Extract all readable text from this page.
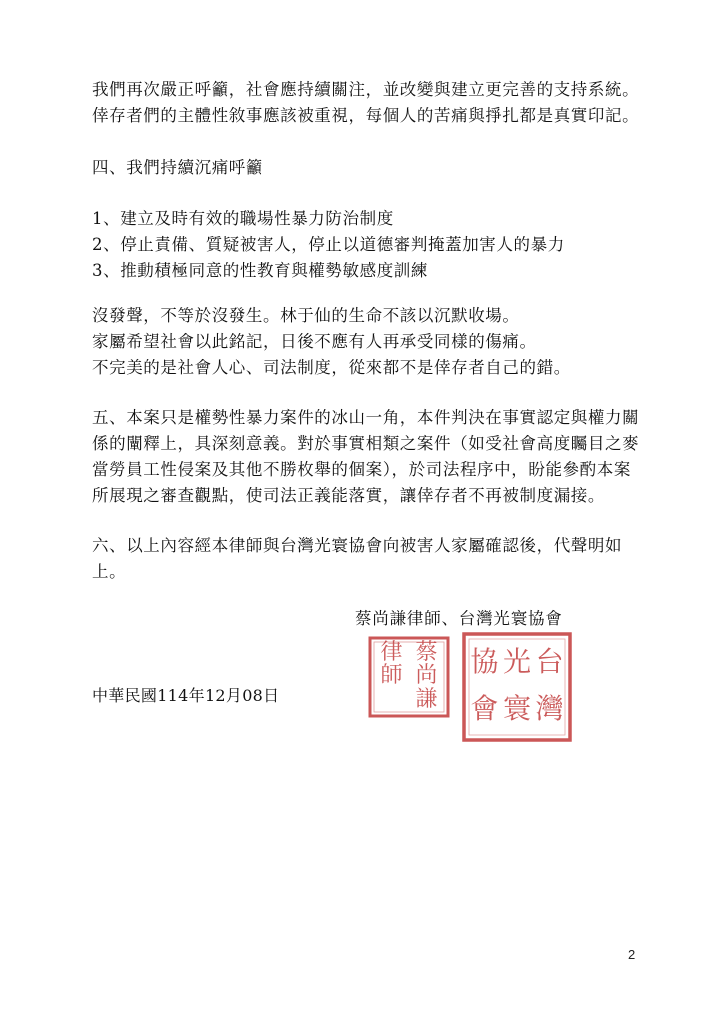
我們再次嚴正呼籲，社會應持續關注，並改變與建立更完善的支持系統。
倖存者們的主體性敘事應該被重視，每個人的苦痛與掙扎都是真實印記。
四、我們持續沉痛呼籲
1、建立及時有效的職場性暴力防治制度
2、停止責備、質疑被害人，停止以道德審判掩蓋加害人的暴力
3、推動積極同意的性教育與權勢敏感度訓練
沒發聲，不等於沒發生。林于仙的生命不該以沉默收場。
家屬希望社會以此銘記，日後不應有人再承受同樣的傷痛。
不完美的是社會人心、司法制度，從來都不是倖存者自己的錯。
五、本案只是權勢性暴力案件的冰山一角，本件判決在事實認定與權力關
係的闡釋上，具深刻意義。對於事實相類之案件（如受社會高度矚目之麥
當勞員工性侵案及其他不勝枚舉的個案），於司法程序中，盼能參酌本案
所展現之審查觀點，使司法正義能落實，讓倖存者不再被制度漏接。
六、以上內容經本律師與台灣光寰協會向被害人家屬確認後，代聲明如
上。
蔡尚謙律師、台灣光寰協會
中華民國114年12月08日
律
師
蔡
尚
謙
協 光 台
會 寰 灣
2
